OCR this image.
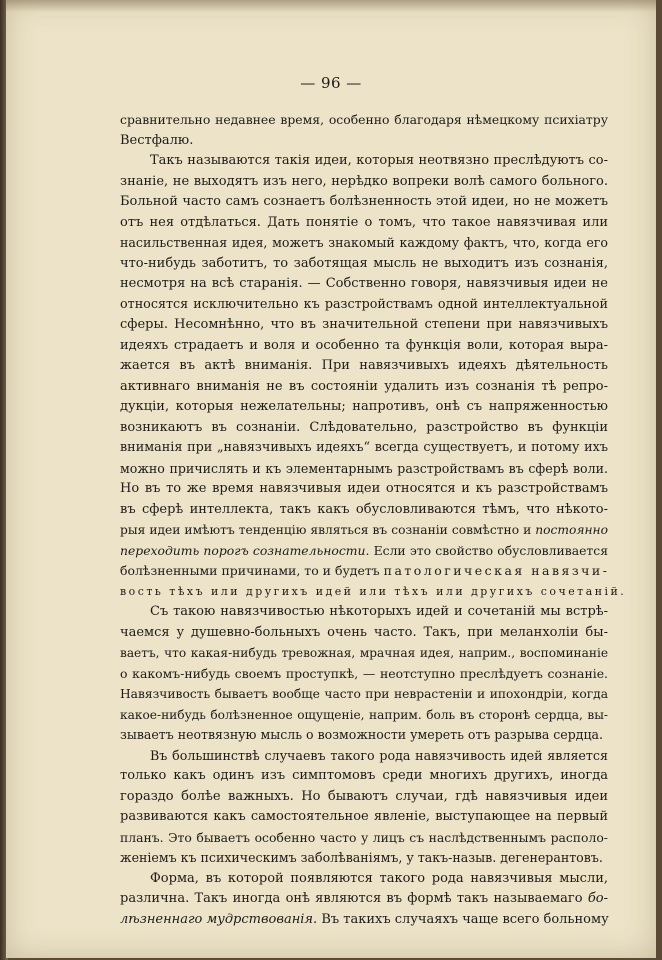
— 96 —
сравнительно недавнее время, особенно благодаря нѣмецкому психіатру
Вестфалю.
Такъ называются такія идеи, которыя неотвязно преслѣдуютъ со-
знаніе, не выходятъ изъ него, нерѣдко вопреки волѣ самого больного.
Больной часто самъ сознаетъ болѣзненность этой идеи, но не можетъ
отъ нея отдѣлаться. Дать понятіе о томъ, что такое навязчивая или
насильственная идея, можетъ знакомый каждому фактъ, что, когда его
что-нибудь заботитъ, то заботящая мысль не выходитъ изъ сознанія,
несмотря на всѣ старанія. — Собственно говоря, навязчивыя идеи не
относятся исключительно къ разстройствамъ одной интеллектуальной
сферы. Несомнѣнно, что въ значительной степени при навязчивыхъ
идеяхъ страдаетъ и воля и особенно та функція воли, которая выра-
жается въ актѣ вниманія. При навязчивыхъ идеяхъ дѣятельность
активнаго вниманія не въ состояніи удалить изъ сознанія тѣ репро-
дукціи, которыя нежелательны; напротивъ, онѣ съ напряженностью
возникаютъ въ сознаніи. Слѣдовательно, разстройство въ функціи
вниманія при „навязчивыхъ идеяхъ“ всегда существуетъ, и потому ихъ
можно причислять и къ элементарнымъ разстройствамъ въ сферѣ воли.
Но въ то же время навязчивыя идеи относятся и къ разстройствамъ
въ сферѣ интеллекта, такъ какъ обусловливаются тѣмъ, что нѣкото-
рыя идеи имѣютъ тенденцію являться въ сознаніи совмѣстно и постоянно
переходить порогъ сознательности. Если это свойство обусловливается
болѣзненными причинами, то и будетъ патологическая навязчи-
вость тѣхъ или другихъ идей или тѣхъ или другихъ сочетаній.
Съ такою навязчивостью нѣкоторыхъ идей и сочетаній мы встрѣ-
чаемся у душевно-больныхъ очень часто. Такъ, при меланхоліи бы-
ваетъ, что какая-нибудь тревожная, мрачная идея, наприм., воспоминаніе
о какомъ-нибудь своемъ проступкѣ, — неотступно преслѣдуетъ сознаніе.
Навязчивость бываетъ вообще часто при неврастеніи и ипохондріи, когда
какое-нибудь болѣзненное ощущеніе, наприм. боль въ сторонѣ сердца, вы-
зываетъ неотвязную мысль о возможности умереть отъ разрыва сердца.
Въ большинствѣ случаевъ такого рода навязчивость идей является
только какъ одинъ изъ симптомовъ среди многихъ другихъ, иногда
гораздо болѣе важныхъ. Но бываютъ случаи, гдѣ навязчивыя идеи
развиваются какъ самостоятельное явленіе, выступающее на первый
планъ. Это бываетъ особенно часто у лицъ съ наслѣдственнымъ располо-
женіемъ къ психическимъ заболѣваніямъ, у такъ-назыв. дегенерантовъ.
Форма, въ которой появляются такого рода навязчивыя мысли,
различна. Такъ иногда онѣ являются въ формѣ такъ называемаго бо-
лѣзненнаго мудрствованія. Въ такихъ случаяхъ чаще всего больному
